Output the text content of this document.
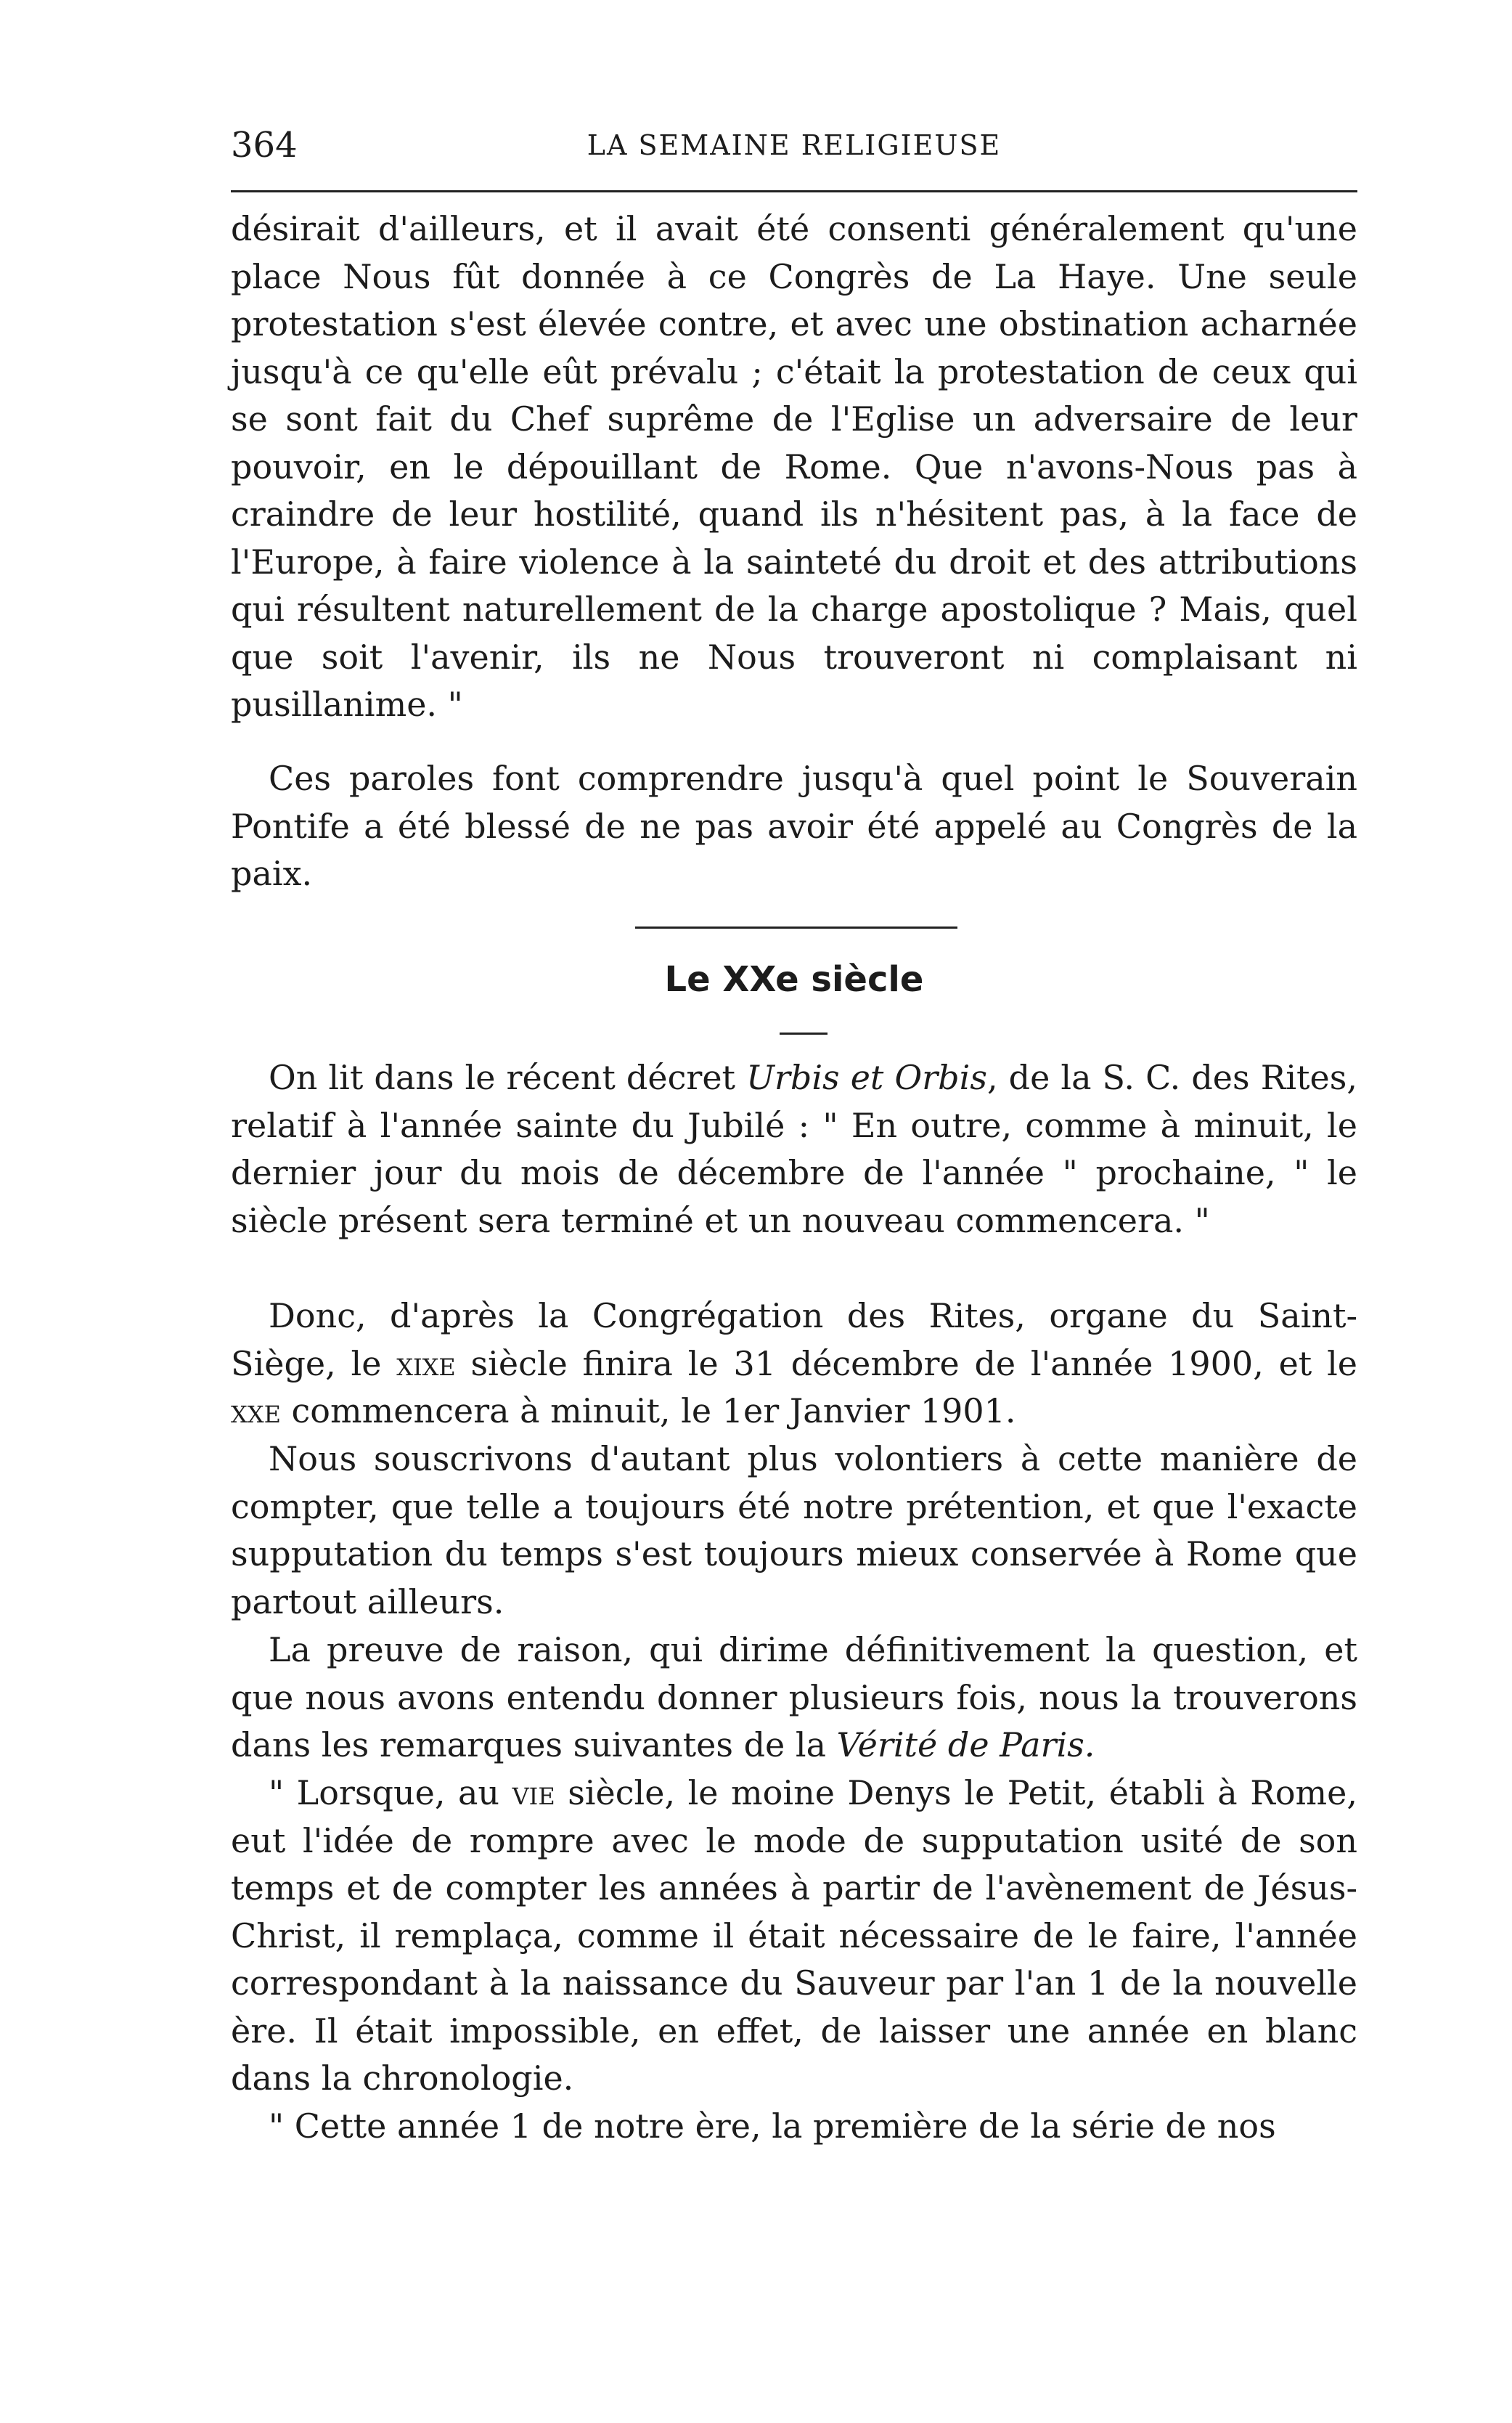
364	LA SEMAINE RELIGIEUSE

désirait d'ailleurs, et il avait été consenti généralement qu'une place Nous fût donnée à ce Congrès de La Haye. Une seule protestation s'est élevée contre, et avec une obstination acharnée jusqu'à ce qu'elle eût prévalu ; c'était la protestation de ceux qui se sont fait du Chef suprême de l'Eglise un adversaire de leur pouvoir, en le dépouillant de Rome. Que n'avons-Nous pas à craindre de leur hostilité, quand ils n'hésitent pas, à la face de l'Europe, à faire violence à la sainteté du droit et des attributions qui résultent naturellement de la charge apostolique ? Mais, quel que soit l'avenir, ils ne Nous trouveront ni complaisant ni pusillanime. "

Ces paroles font comprendre jusqu'à quel point le Souverain Pontife a été blessé de ne pas avoir été appelé au Congrès de la paix.

Le XXe siècle

On lit dans le récent décret Urbis et Orbis, de la S. C. des Rites, relatif à l'année sainte du Jubilé : " En outre, comme à minuit, le dernier jour du mois de décembre de l'année " prochaine, " le siècle présent sera terminé et un nouveau commencera. "

Donc, d'après la Congrégation des Rites, organe du Saint-Siège, le xixe siècle finira le 31 décembre de l'année 1900, et le xxe commencera à minuit, le 1er Janvier 1901.

Nous souscrivons d'autant plus volontiers à cette manière de compter, que telle a toujours été notre prétention, et que l'exacte supputation du temps s'est toujours mieux conservée à Rome que partout ailleurs.

La preuve de raison, qui dirime définitivement la question, et que nous avons entendu donner plusieurs fois, nous la trouverons dans les remarques suivantes de la Vérité de Paris.

" Lorsque, au vie siècle, le moine Denys le Petit, établi à Rome, eut l'idée de rompre avec le mode de supputation usité de son temps et de compter les années à partir de l'avènement de Jésus-Christ, il remplaça, comme il était nécessaire de le faire, l'année correspondant à la naissance du Sauveur par l'an 1 de la nouvelle ère. Il était impossible, en effet, de laisser une année en blanc dans la chronologie.

" Cette année 1 de notre ère, la première de la série de nos
